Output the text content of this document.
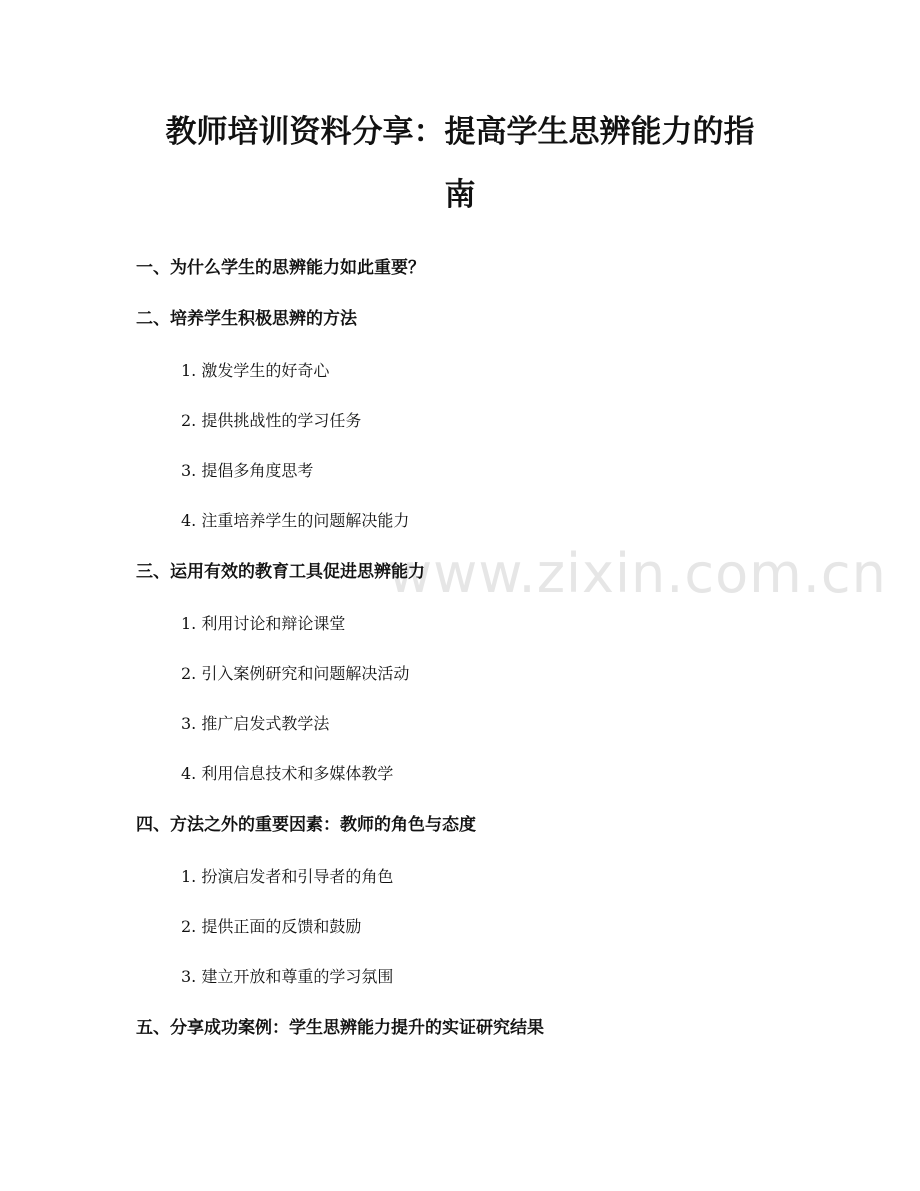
www.zixin.com.cn
教师培训资料分享：提高学生思辨能力的指
南
一、为什么学生的思辨能力如此重要？
二、培养学生积极思辨的方法

1. 激发学生的好奇心

2. 提供挑战性的学习任务

3. 提倡多角度思考

4. 注重培养学生的问题解决能力

三、运用有效的教育工具促进思辨能力

1. 利用讨论和辩论课堂

2. 引入案例研究和问题解决活动

3. 推广启发式教学法

4. 利用信息技术和多媒体教学

四、方法之外的重要因素：教师的角色与态度

1. 扮演启发者和引导者的角色

2. 提供正面的反馈和鼓励

3. 建立开放和尊重的学习氛围

五、分享成功案例：学生思辨能力提升的实证研究结果
